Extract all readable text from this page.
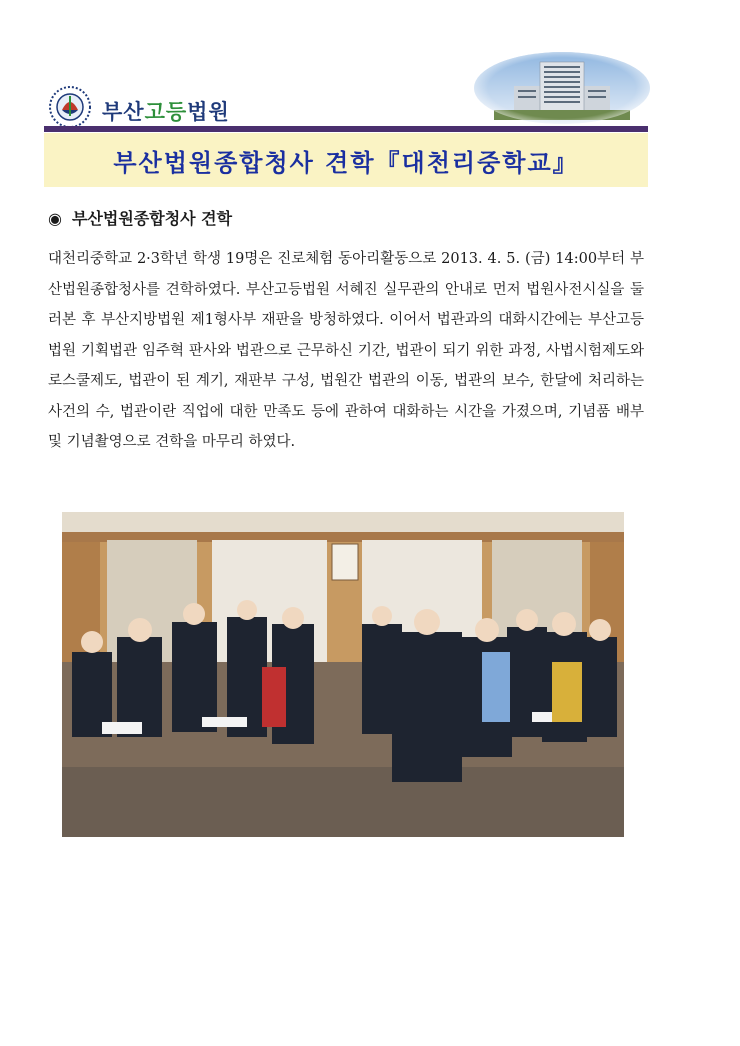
부산고등법원
부산법원종합청사 견학『대천리중학교』
◉ 부산법원종합청사 견학

대천리중학교 2·3학년 학생 19명은 진로체험 동아리활동으로 2013. 4. 5. (금) 14:00부터 부산법원종합청사를 견학하였다. 부산고등법원 서혜진 실무관의 안내로 먼저 법원사전시실을 둘러본 후 부산지방법원 제1형사부 재판을 방청하였다. 이어서 법관과의 대화시간에는 부산고등법원 기획법관 임주혁 판사와 법관으로 근무하신 기간, 법관이 되기 위한 과정, 사법시험제도와 로스쿨제도, 법관이 된 계기, 재판부 구성, 법원간 법관의 이동, 법관의 보수, 한달에 처리하는 사건의 수, 법관이란 직업에 대한 만족도 등에 관하여 대화하는 시간을 가졌으며, 기념품 배부 및 기념촬영으로 견학을 마무리 하였다.
